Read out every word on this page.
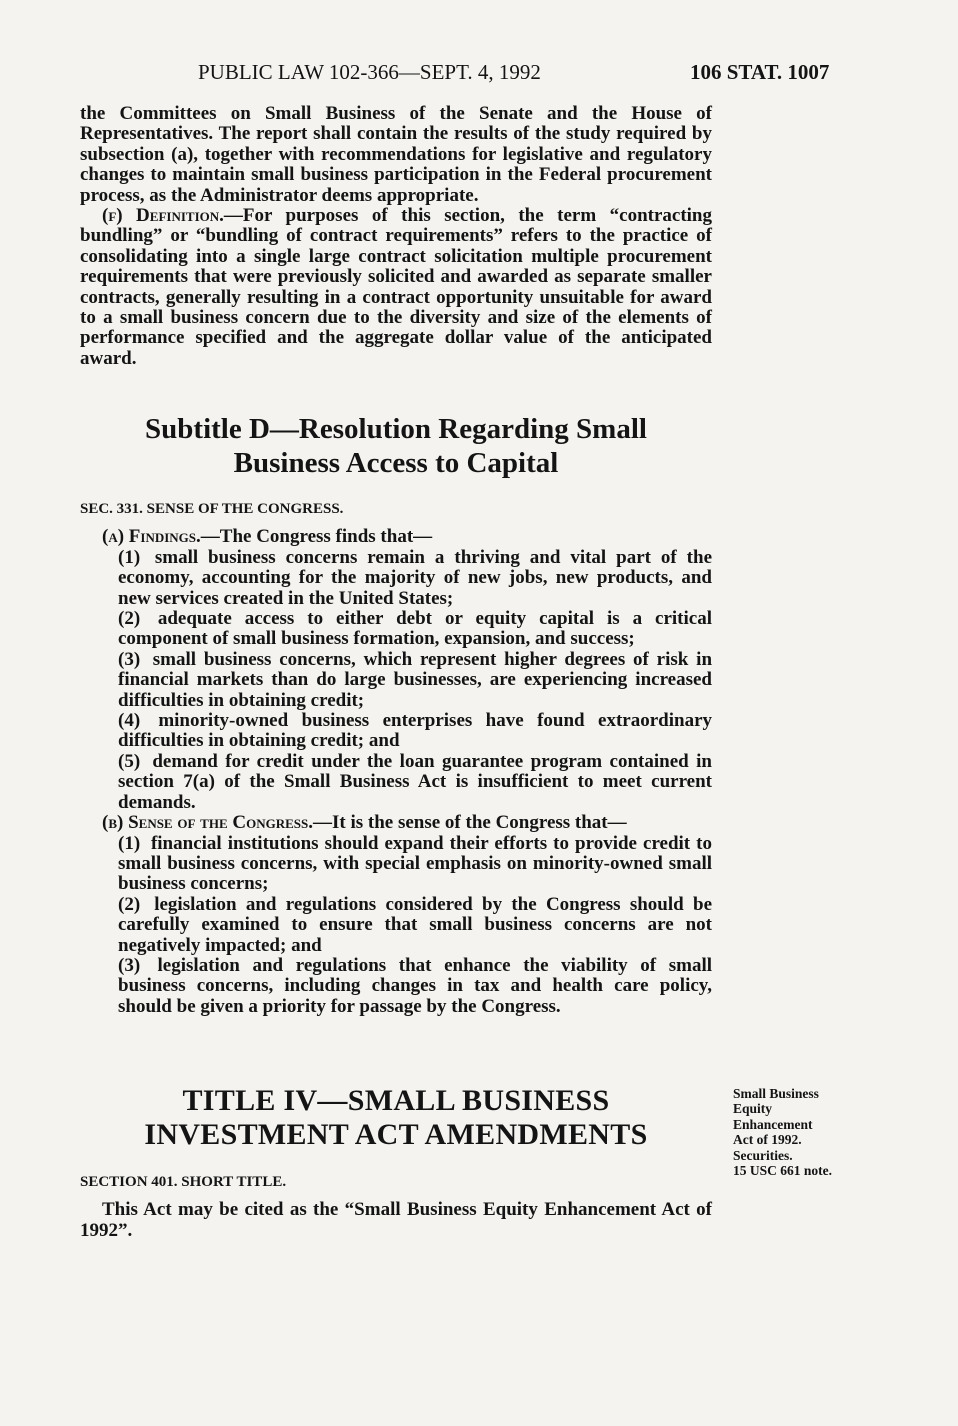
PUBLIC LAW 102-366—SEPT. 4, 1992	106 STAT. 1007

the Committees on Small Business of the Senate and the House of Representatives. The report shall contain the results of the study required by subsection (a), together with recommendations for legislative and regulatory changes to maintain small business participation in the Federal procurement process, as the Administrator deems appropriate.

(f) Definition.—For purposes of this section, the term “contracting bundling” or “bundling of contract requirements” refers to the practice of consolidating into a single large contract solicitation multiple procurement requirements that were previously solicited and awarded as separate smaller contracts, generally resulting in a contract opportunity unsuitable for award to a small business concern due to the diversity and size of the elements of performance specified and the aggregate dollar value of the anticipated award.

Subtitle D—Resolution Regarding Small
Business Access to Capital

SEC. 331. SENSE OF THE CONGRESS.

(a) Findings.—The Congress finds that—

(1) small business concerns remain a thriving and vital part of the economy, accounting for the majority of new jobs, new products, and new services created in the United States;

(2) adequate access to either debt or equity capital is a critical component of small business formation, expansion, and success;

(3) small business concerns, which represent higher degrees of risk in financial markets than do large businesses, are experiencing increased difficulties in obtaining credit;

(4) minority-owned business enterprises have found extraordinary difficulties in obtaining credit; and

(5) demand for credit under the loan guarantee program contained in section 7(a) of the Small Business Act is insufficient to meet current demands.

(b) Sense of the Congress.—It is the sense of the Congress that—

(1) financial institutions should expand their efforts to provide credit to small business concerns, with special emphasis on minority-owned small business concerns;

(2) legislation and regulations considered by the Congress should be carefully examined to ensure that small business concerns are not negatively impacted; and

(3) legislation and regulations that enhance the viability of small business concerns, including changes in tax and health care policy, should be given a priority for passage by the Congress.

TITLE IV—SMALL BUSINESS
INVESTMENT ACT AMENDMENTS
Small Business
Equity
Enhancement
Act of 1992.
Securities.
15 USC 661 note.

SECTION 401. SHORT TITLE.

This Act may be cited as the “Small Business Equity Enhancement Act of 1992”.
